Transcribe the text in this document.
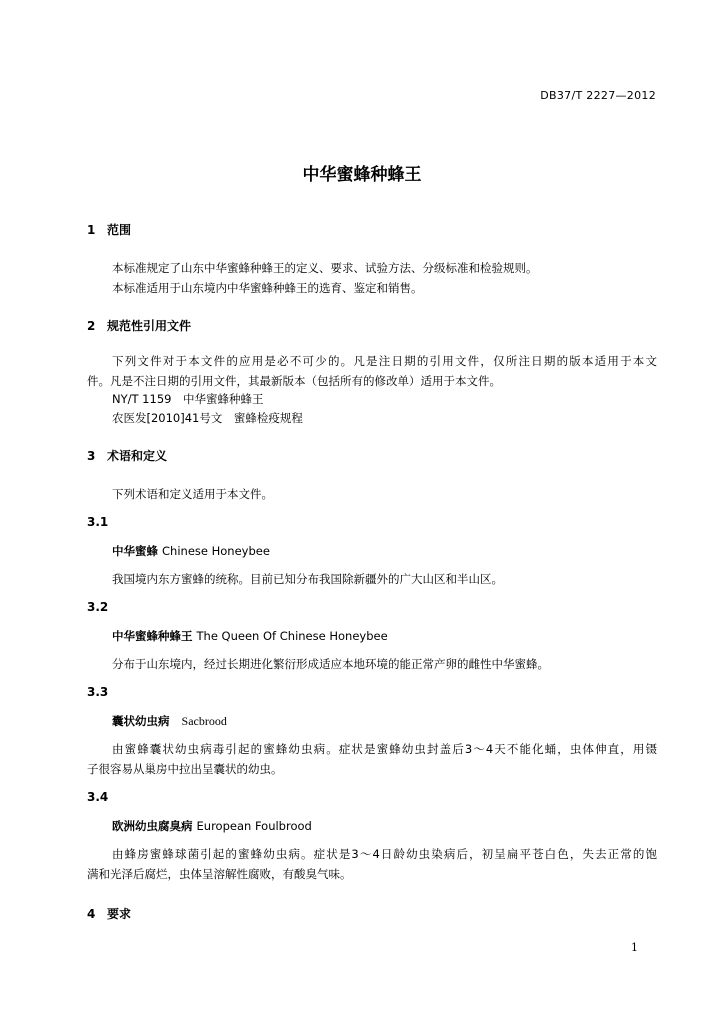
DB37/T 2227—2012
中华蜜蜂种蜂王
1 范围
本标准规定了山东中华蜜蜂种蜂王的定义、要求、试验方法、分级标准和检验规则。
本标准适用于山东境内中华蜜蜂种蜂王的选育、鉴定和销售。
2 规范性引用文件
下列文件对于本文件的应用是必不可少的。凡是注日期的引用文件，仅所注日期的版本适用于本文
件。凡是不注日期的引用文件，其最新版本（包括所有的修改单）适用于本文件。
NY/T 1159　中华蜜蜂种蜂王
农医发[2010]41号文　蜜蜂检疫规程
3 术语和定义
下列术语和定义适用于本文件。
3.1
中华蜜蜂 Chinese Honeybee
我国境内东方蜜蜂的统称。目前已知分布我国除新疆外的广大山区和半山区。
3.2
中华蜜蜂种蜂王 The Queen Of Chinese Honeybee
分布于山东境内，经过长期进化繁衍形成适应本地环境的能正常产卵的雌性中华蜜蜂。
3.3
囊状幼虫病 Sacbrood
由蜜蜂囊状幼虫病毒引起的蜜蜂幼虫病。症状是蜜蜂幼虫封盖后3～4天不能化蛹，虫体伸直，用镊
子很容易从巢房中拉出呈囊状的幼虫。
3.4
欧洲幼虫腐臭病 European Foulbrood
由蜂房蜜蜂球菌引起的蜜蜂幼虫病。症状是3～4日龄幼虫染病后，初呈扁平苍白色，失去正常的饱
满和光泽后腐烂，虫体呈溶解性腐败，有酸臭气味。
4 要求
1
